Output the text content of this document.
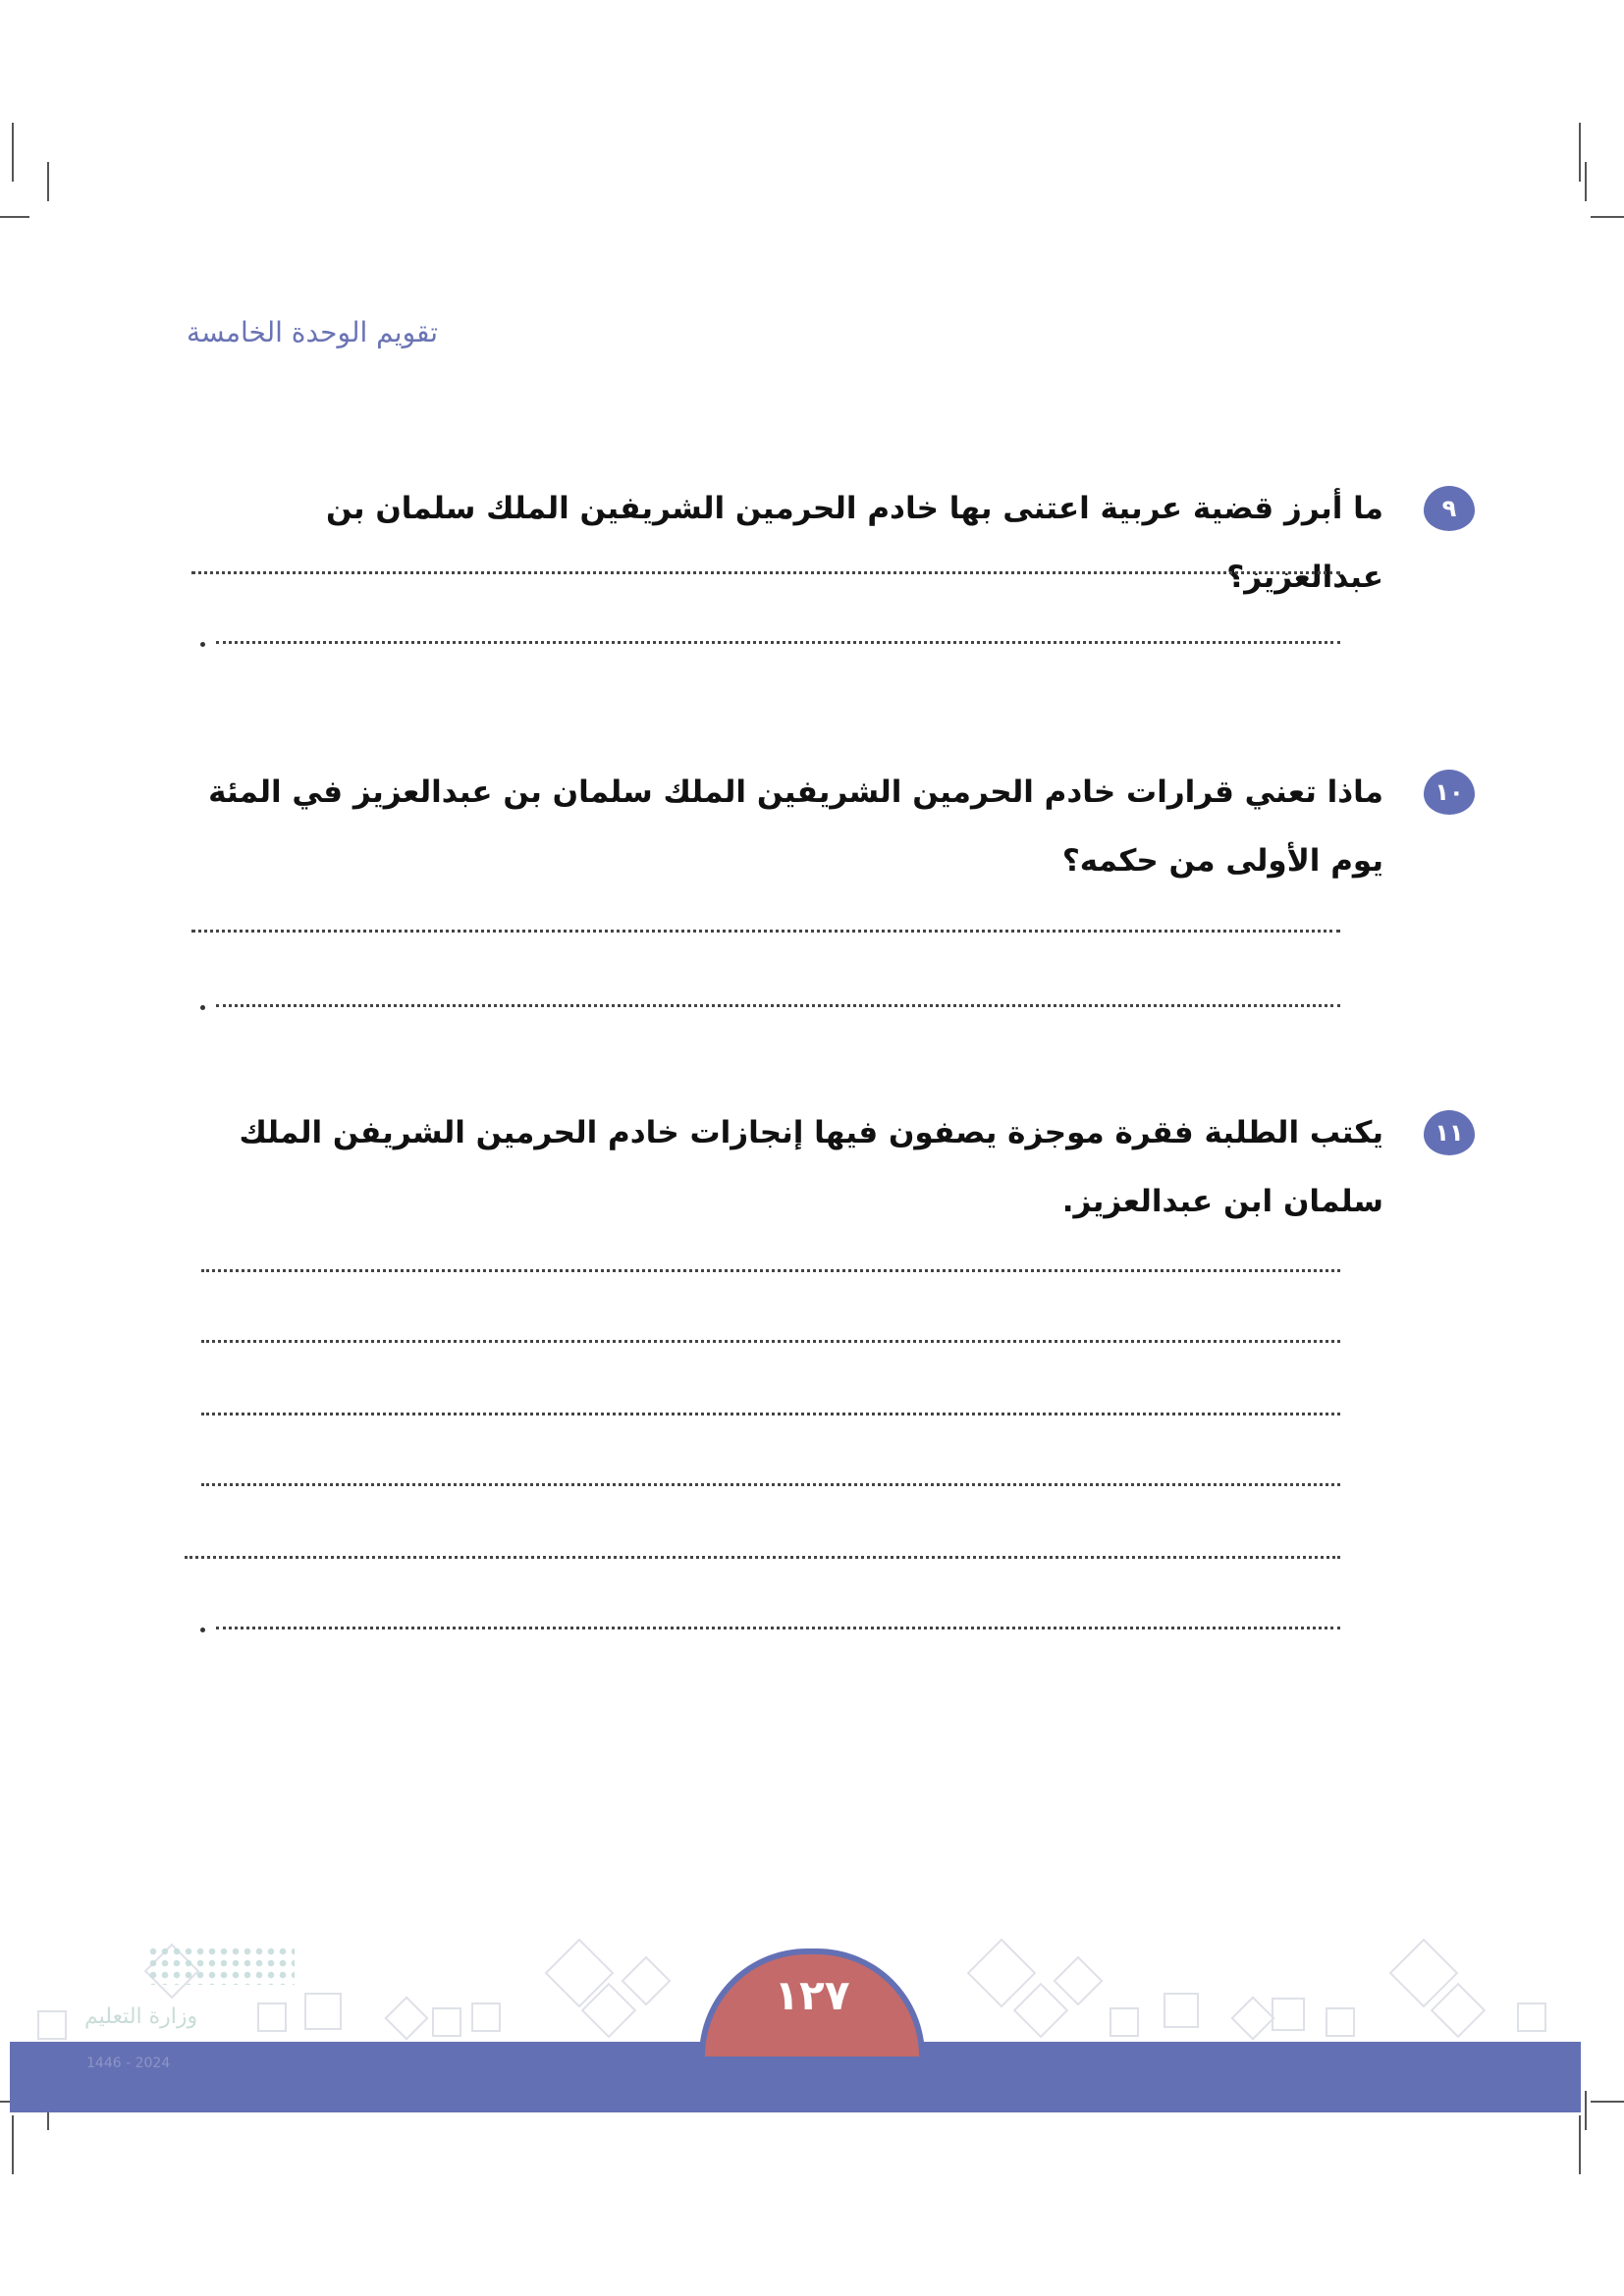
تقويم الوحدة الخامسة
٩

ما أبرز قضية عربية اعتنى بها خادم الحرمين الشريفين الملك سلمان بن عبدالعزيز؟

١٠

ماذا تعني قرارات خادم الحرمين الشريفين الملك سلمان بن عبدالعزيز في المئة يوم الأولى من حكمه؟

١١

يكتب الطلبة فقرة موجزة يصفون فيها إنجازات خادم الحرمين الشريفن الملك سلمان ابن عبدالعزيز.

وزارة التعليم
2024 - 1446
١٢٧
